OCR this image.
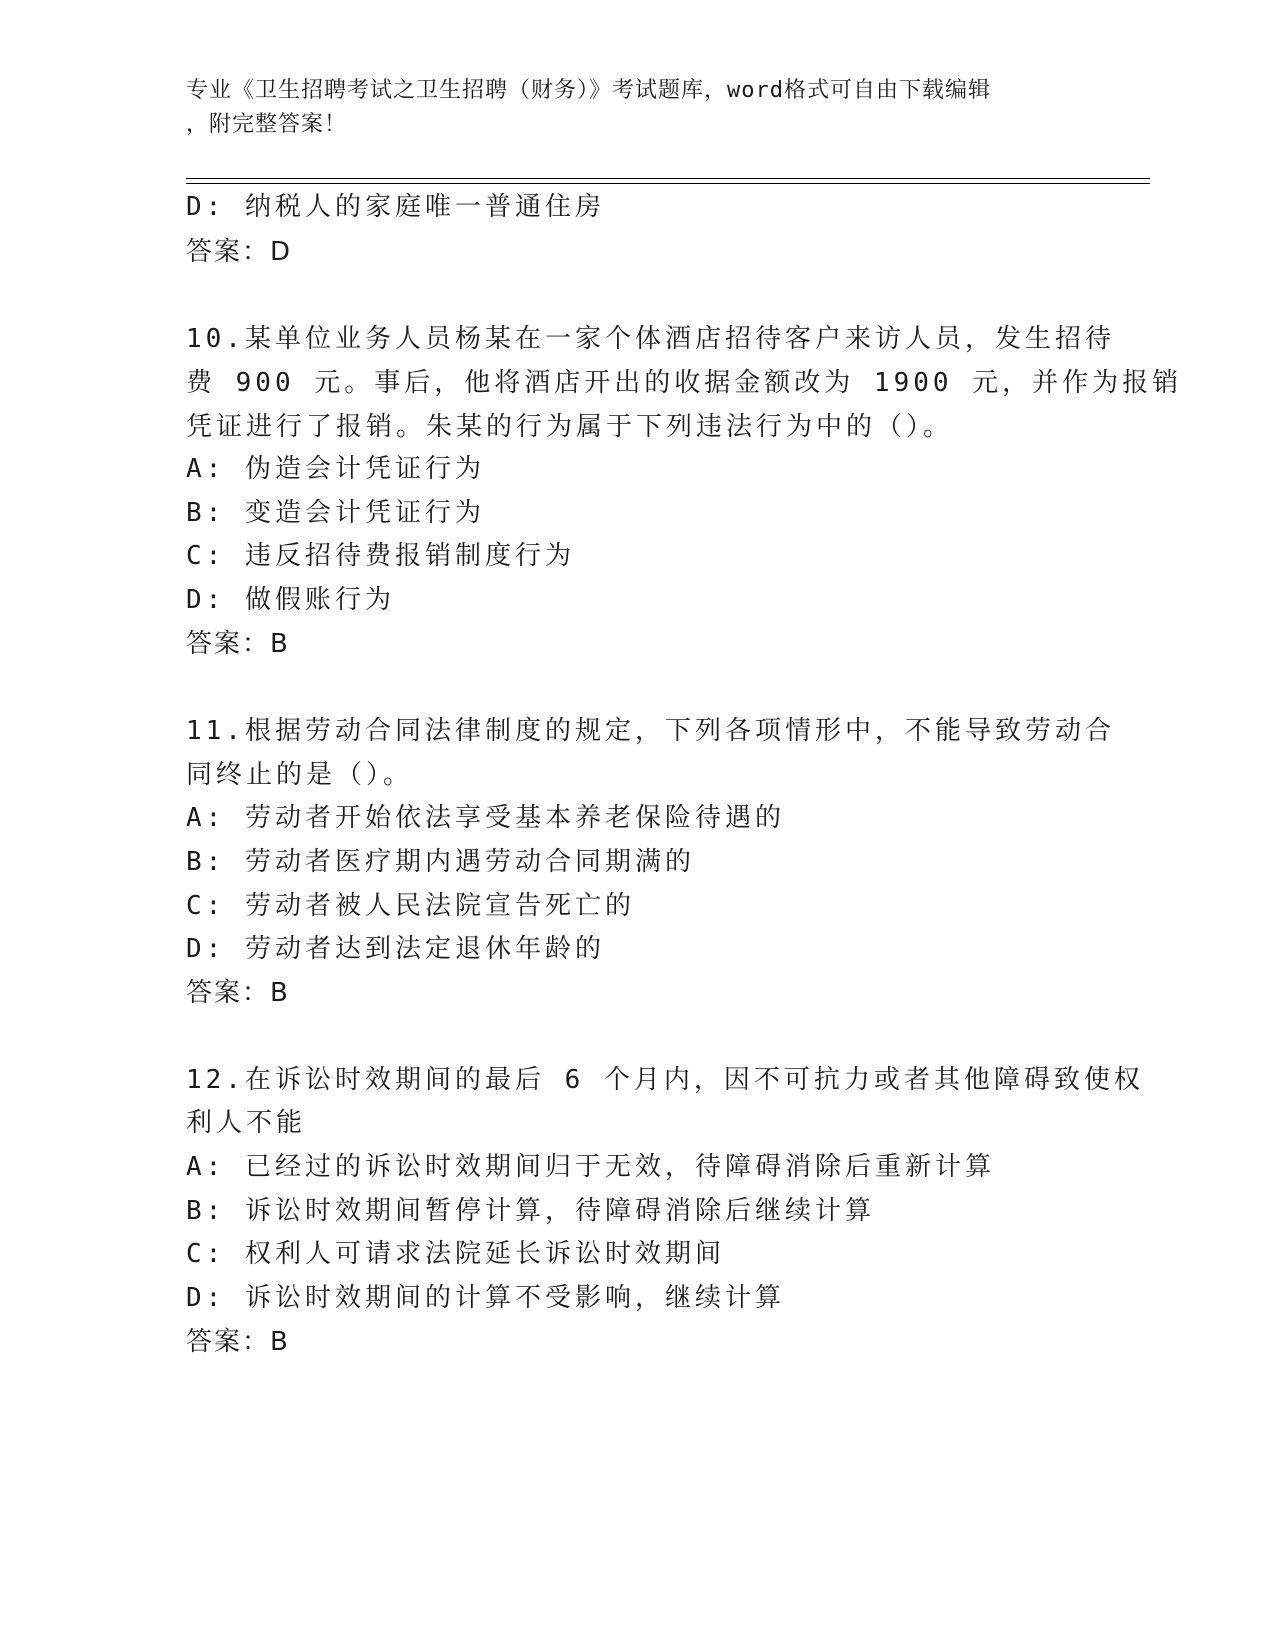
专业《卫生招聘考试之卫生招聘（财务）》考试题库，word格式可自由下载编辑
，附完整答案！
D: 纳税人的家庭唯一普通住房
答案：D
10.某单位业务人员杨某在一家个体酒店招待客户来访人员，发生招待
费 900 元。事后，他将酒店开出的收据金额改为 1900 元，并作为报销
凭证进行了报销。朱某的行为属于下列违法行为中的（）。
A: 伪造会计凭证行为
B: 变造会计凭证行为
C: 违反招待费报销制度行为
D: 做假账行为
答案：B
11.根据劳动合同法律制度的规定，下列各项情形中，不能导致劳动合
同终止的是（）。
A: 劳动者开始依法享受基本养老保险待遇的
B: 劳动者医疗期内遇劳动合同期满的
C: 劳动者被人民法院宣告死亡的
D: 劳动者达到法定退休年龄的
答案：B
12.在诉讼时效期间的最后 6 个月内，因不可抗力或者其他障碍致使权
利人不能
A: 已经过的诉讼时效期间归于无效，待障碍消除后重新计算
B: 诉讼时效期间暂停计算，待障碍消除后继续计算
C: 权利人可请求法院延长诉讼时效期间
D: 诉讼时效期间的计算不受影响，继续计算
答案：B
